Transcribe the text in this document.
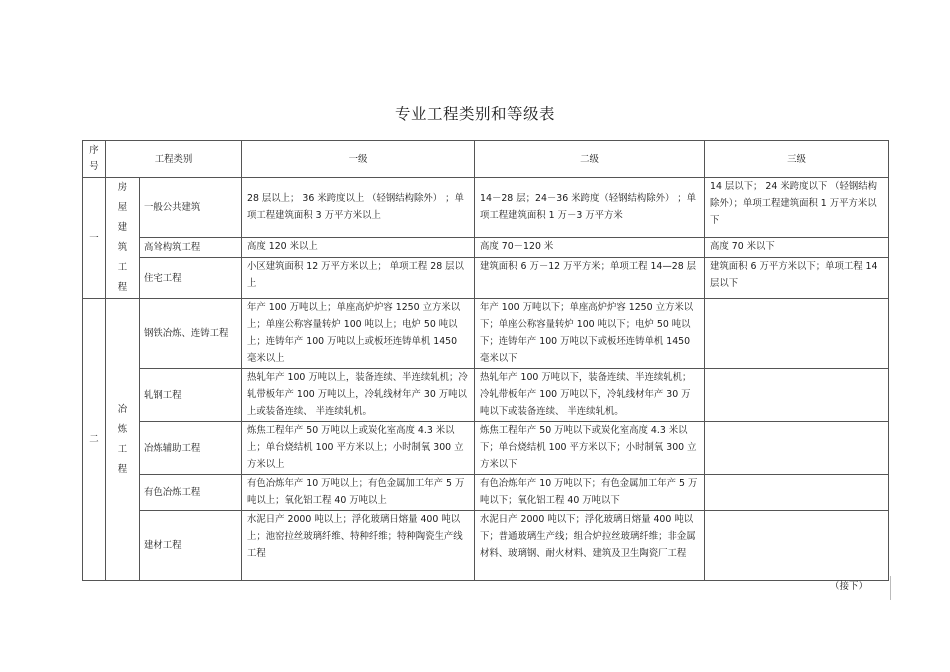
专业工程类别和等级表
序号	工程类别		一级	二级	三级
一	房屋建筑工程	一般公共建筑	28 层以上； 36 米跨度以上 （轻钢结构除外） ；单项工程建筑面积 3 万平方米以上	14－28 层；24－36 米跨度（轻钢结构除外） ；单项工程建筑面积 1 万－3 万平方米	14 层以下； 24 米跨度以下 （轻钢结构除外）；单项工程建筑面积 1 万平方米以下
		高耸构筑工程	高度 120 米以上	高度 70－120 米	高度 70 米以下
		住宅工程	小区建筑面积 12 万平方米以上； 单项工程 28 层以上	建筑面积 6 万－12 万平方米；单项工程 14—28 层	建筑面积 6 万平方米以下；单项工程 14 层以下
二	冶炼工程	钢铁冶炼、连铸工程	年产 100 万吨以上；单座高炉炉容 1250 立方米以上；单座公称容量转炉 100 吨以上；电炉 50 吨以上；连铸年产 100 万吨以上或板坯连铸单机 1450 毫米以上	年产 100 万吨以下；单座高炉炉容 1250 立方米以下；单座公称容量转炉 100 吨以下；电炉 50 吨以下；连铸年产 100 万吨以下或板坯连铸单机 1450 毫米以下	
		轧钢工程	热轧年产 100 万吨以上，装备连续、半连续轧机；冷轧带板年产 100 万吨以上，冷轧线材年产 30 万吨以上或装备连续、 半连续轧机。	热轧年产 100 万吨以下，装备连续、半连续轧机；冷轧带板年产 100 万吨以下，冷轧线材年产 30 万吨以下或装备连续、 半连续轧机。	
		冶炼辅助工程	炼焦工程年产 50 万吨以上或炭化室高度 4.3 米以上；单台烧结机 100 平方米以上；小时制氧 300 立方米以上	炼焦工程年产 50 万吨以下或炭化室高度 4.3 米以下；单台烧结机 100 平方米以下；小时制氧 300 立方米以下	
		有色冶炼工程	有色冶炼年产 10 万吨以上；有色金属加工年产 5 万吨以上；氧化铝工程 40 万吨以上	有色冶炼年产 10 万吨以下；有色金属加工年产 5 万吨以下；氧化铝工程 40 万吨以下	
		建材工程	水泥日产 2000 吨以上；浮化玻璃日熔量 400 吨以上；池窑拉丝玻璃纤维、特种纤维；特种陶瓷生产线工程	水泥日产 2000 吨以下；浮化玻璃日熔量 400 吨以下；普通玻璃生产线；组合炉拉丝玻璃纤维；非金属材料、玻璃钢、耐火材料、建筑及卫生陶瓷厂工程	
（接下）
